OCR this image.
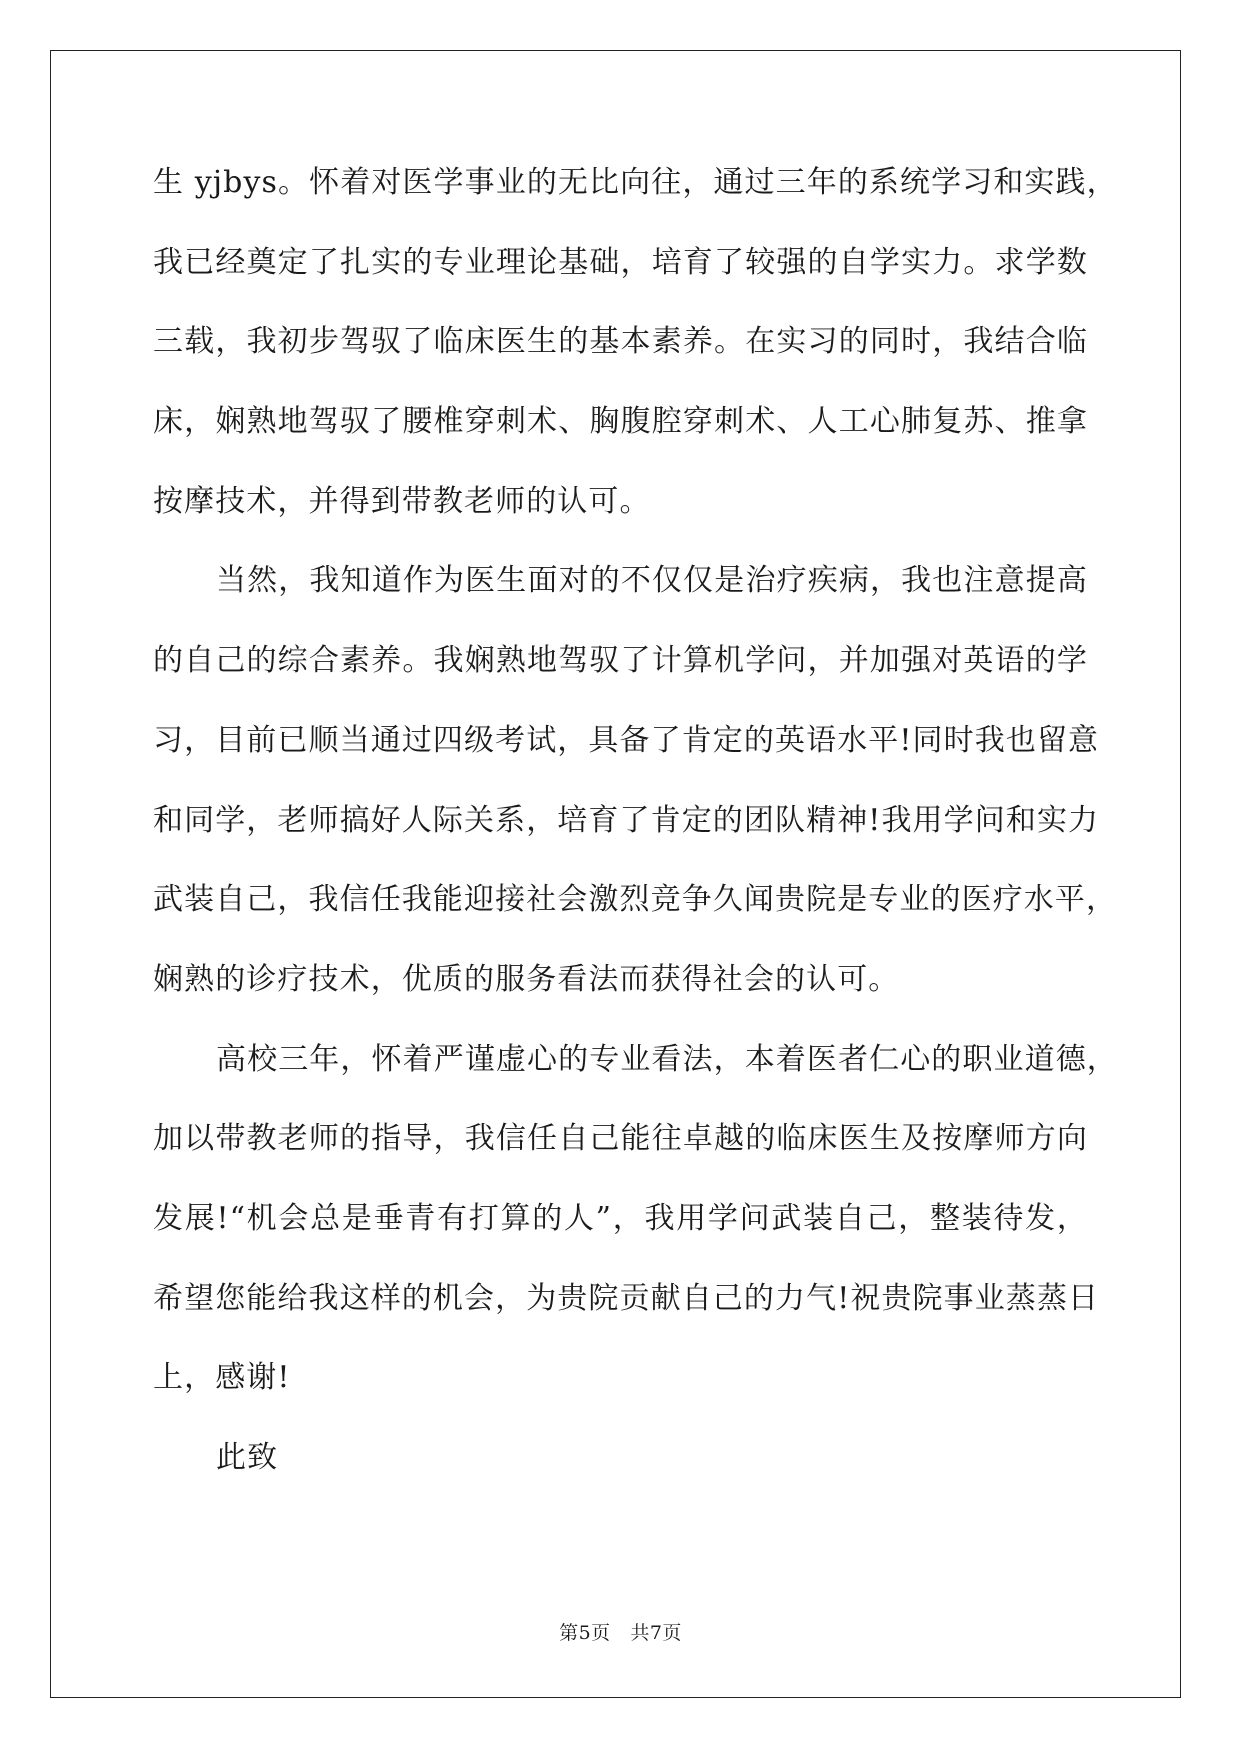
生 yjbys。怀着对医学事业的无比向往，通过三年的系统学习和实践，
我已经奠定了扎实的专业理论基础，培育了较强的自学实力。求学数
三载，我初步驾驭了临床医生的基本素养。在实习的同时，我结合临
床，娴熟地驾驭了腰椎穿刺术、胸腹腔穿刺术、人工心肺复苏、推拿
按摩技术，并得到带教老师的认可。
当然，我知道作为医生面对的不仅仅是治疗疾病，我也注意提高
的自己的综合素养。我娴熟地驾驭了计算机学问，并加强对英语的学
习，目前已顺当通过四级考试，具备了肯定的英语水平!同时我也留意
和同学，老师搞好人际关系，培育了肯定的团队精神!我用学问和实力
武装自己，我信任我能迎接社会激烈竞争久闻贵院是专业的医疗水平，
娴熟的诊疗技术，优质的服务看法而获得社会的认可。
高校三年，怀着严谨虚心的专业看法，本着医者仁心的职业道德，
加以带教老师的指导，我信任自己能往卓越的临床医生及按摩师方向
发展!“机会总是垂青有打算的人”，我用学问武装自己，整装待发，
希望您能给我这样的机会，为贵院贡献自己的力气!祝贵院事业蒸蒸日
上，感谢!
此致
第5页 共7页
